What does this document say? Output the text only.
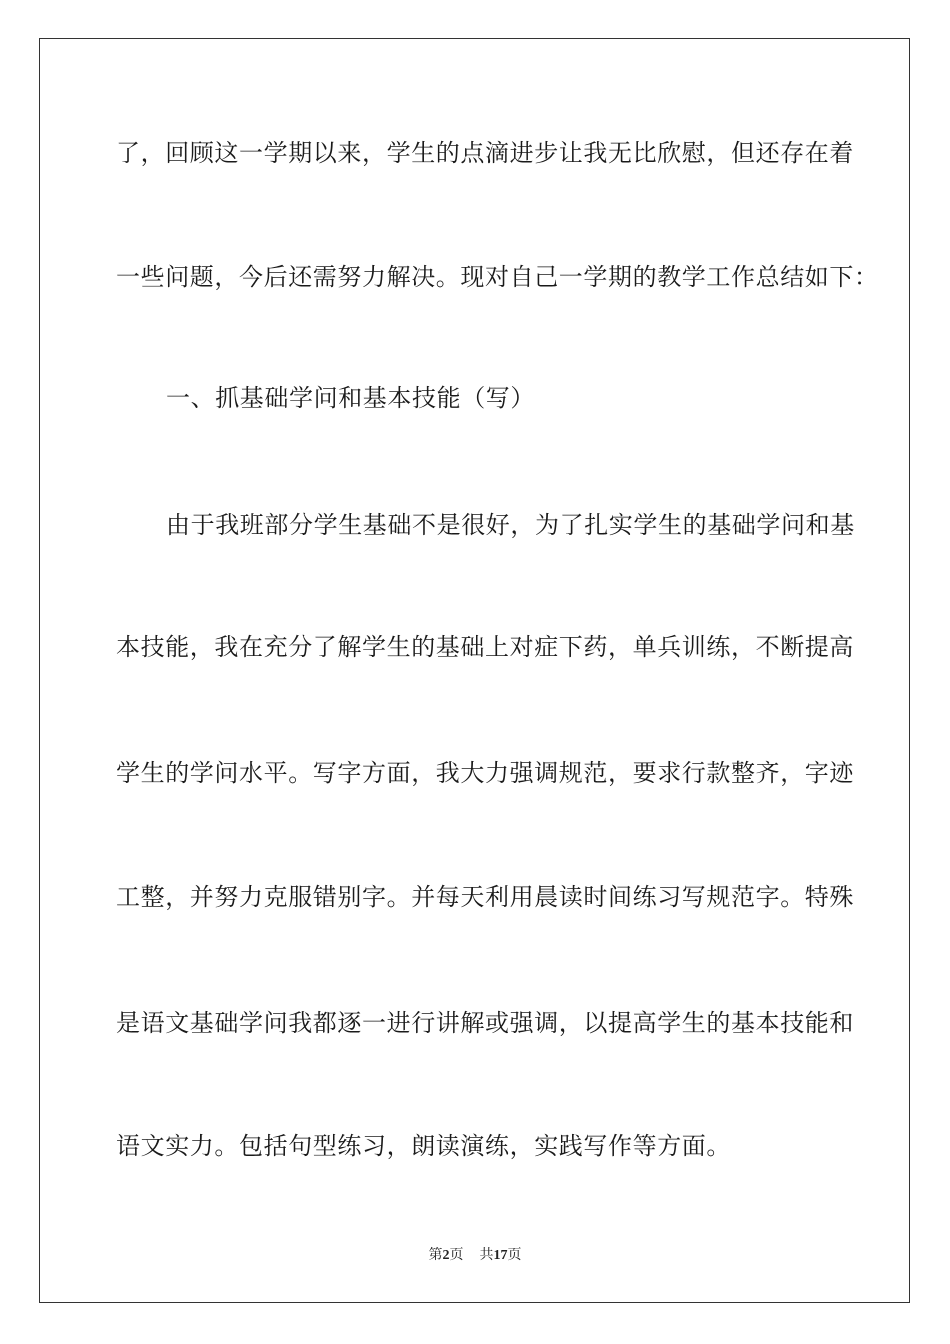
了，回顾这一学期以来，学生的点滴进步让我无比欣慰，但还存在着
一些问题，今后还需努力解决。现对自己一学期的教学工作总结如下：
一、抓基础学问和基本技能（写）
由于我班部分学生基础不是很好，为了扎实学生的基础学问和基
本技能，我在充分了解学生的基础上对症下药，单兵训练，不断提高
学生的学问水平。写字方面，我大力强调规范，要求行款整齐，字迹
工整，并努力克服错别字。并每天利用晨读时间练习写规范字。特殊
是语文基础学问我都逐一进行讲解或强调，以提高学生的基本技能和
语文实力。包括句型练习，朗读演练，实践写作等方面。
第2页 共17页
